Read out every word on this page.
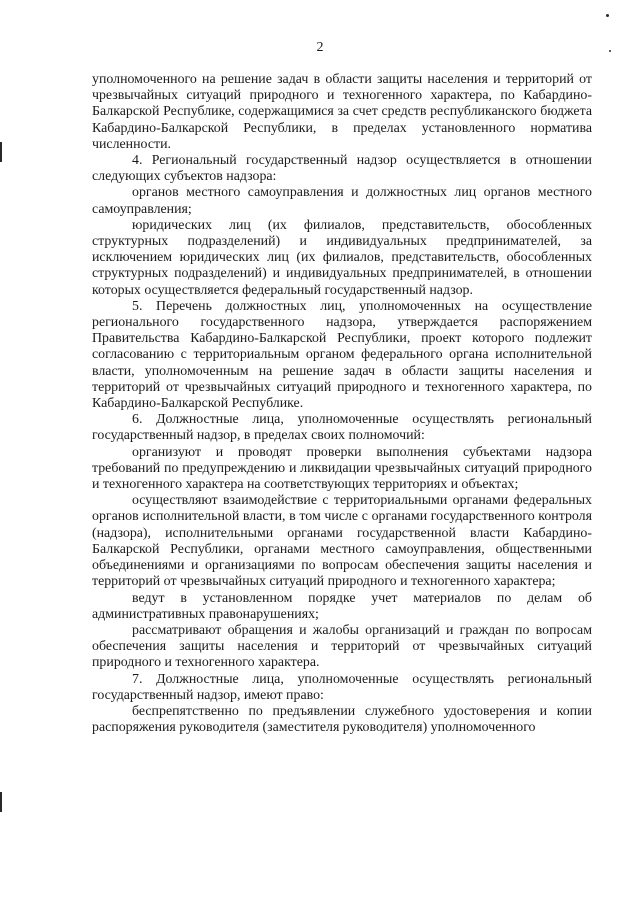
2

уполномоченного на решение задач в области защиты населения и территорий от чрезвычайных ситуаций природного и техногенного характера, по Кабардино-Балкарской Республике, содержащимися за счет средств республиканского бюджета Кабардино-Балкарской Республики, в пределах установленного норматива численности.

4. Региональный государственный надзор осуществляется в отношении следующих субъектов надзора:

органов местного самоуправления и должностных лиц органов местного самоуправления;

юридических лиц (их филиалов, представительств, обособленных структурных подразделений) и индивидуальных предпринимателей, за исключением юридических лиц (их филиалов, представительств, обособленных структурных подразделений) и индивидуальных предпринимателей, в отношении которых осуществляется федеральный государственный надзор.

5. Перечень должностных лиц, уполномоченных на осуществление регионального государственного надзора, утверждается распоряжением Правительства Кабардино-Балкарской Республики, проект которого подлежит согласованию с территориальным органом федерального органа исполнительной власти, уполномоченным на решение задач в области защиты населения и территорий от чрезвычайных ситуаций природного и техногенного характера, по Кабардино-Балкарской Республике.

6. Должностные лица, уполномоченные осуществлять региональный государственный надзор, в пределах своих полномочий:

организуют и проводят проверки выполнения субъектами надзора требований по предупреждению и ликвидации чрезвычайных ситуаций природного и техногенного характера на соответствующих территориях и объектах;

осуществляют взаимодействие с территориальными органами федеральных органов исполнительной власти, в том числе с органами государственного контроля (надзора), исполнительными органами государственной власти Кабардино-Балкарской Республики, органами местного самоуправления, общественными объединениями и организациями по вопросам обеспечения защиты населения и территорий от чрезвычайных ситуаций природного и техногенного характера;

ведут в установленном порядке учет материалов по делам об административных правонарушениях;

рассматривают обращения и жалобы организаций и граждан по вопросам обеспечения защиты населения и территорий от чрезвычайных ситуаций природного и техногенного характера.

7. Должностные лица, уполномоченные осуществлять региональный государственный надзор, имеют право:

беспрепятственно по предъявлении служебного удостоверения и копии распоряжения руководителя (заместителя руководителя) уполномоченного
